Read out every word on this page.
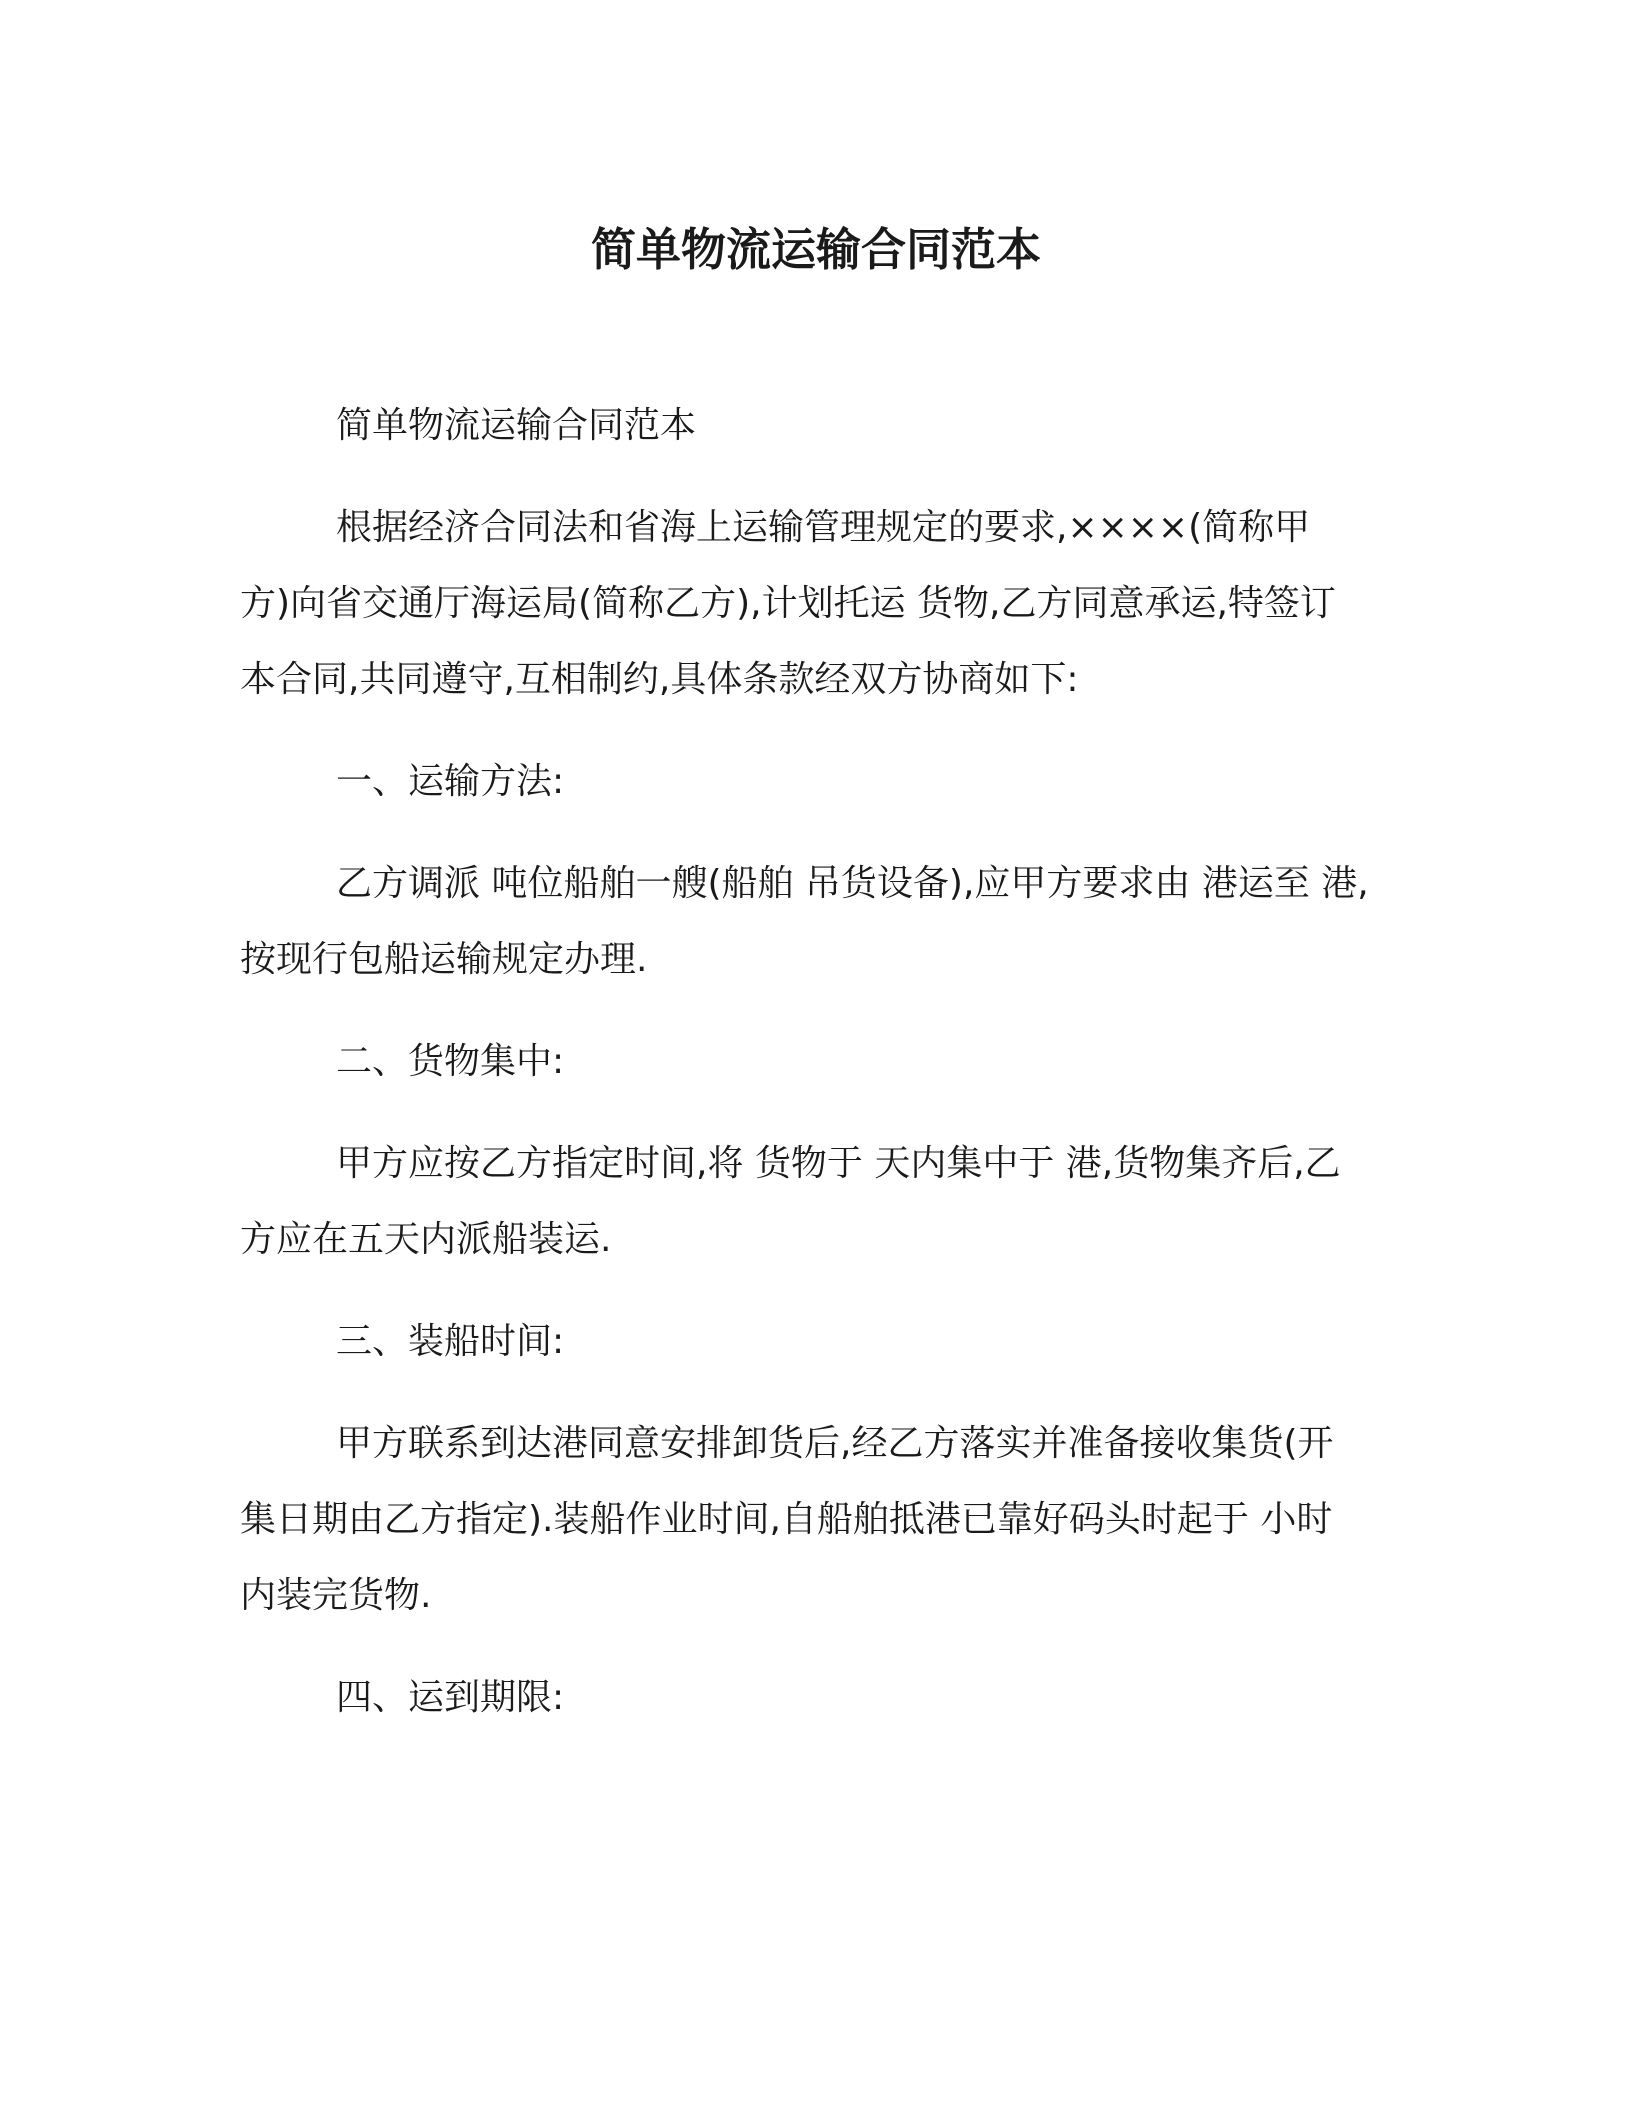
简单物流运输合同范本

简单物流运输合同范本

根据经济合同法和省海上运输管理规定的要求,××××(简称甲

方)向省交通厅海运局(简称乙方),计划托运 货物,乙方同意承运,特签订

本合同,共同遵守,互相制约,具体条款经双方协商如下:

一、运输方法:

乙方调派 吨位船舶一艘(船舶 吊货设备),应甲方要求由 港运至 港,

按现行包船运输规定办理.

二、货物集中:

甲方应按乙方指定时间,将 货物于 天内集中于 港,货物集齐后,乙

方应在五天内派船装运.

三、装船时间:

甲方联系到达港同意安排卸货后,经乙方落实并准备接收集货(开

集日期由乙方指定).装船作业时间,自船舶抵港已靠好码头时起于 小时

内装完货物.

四、运到期限:
